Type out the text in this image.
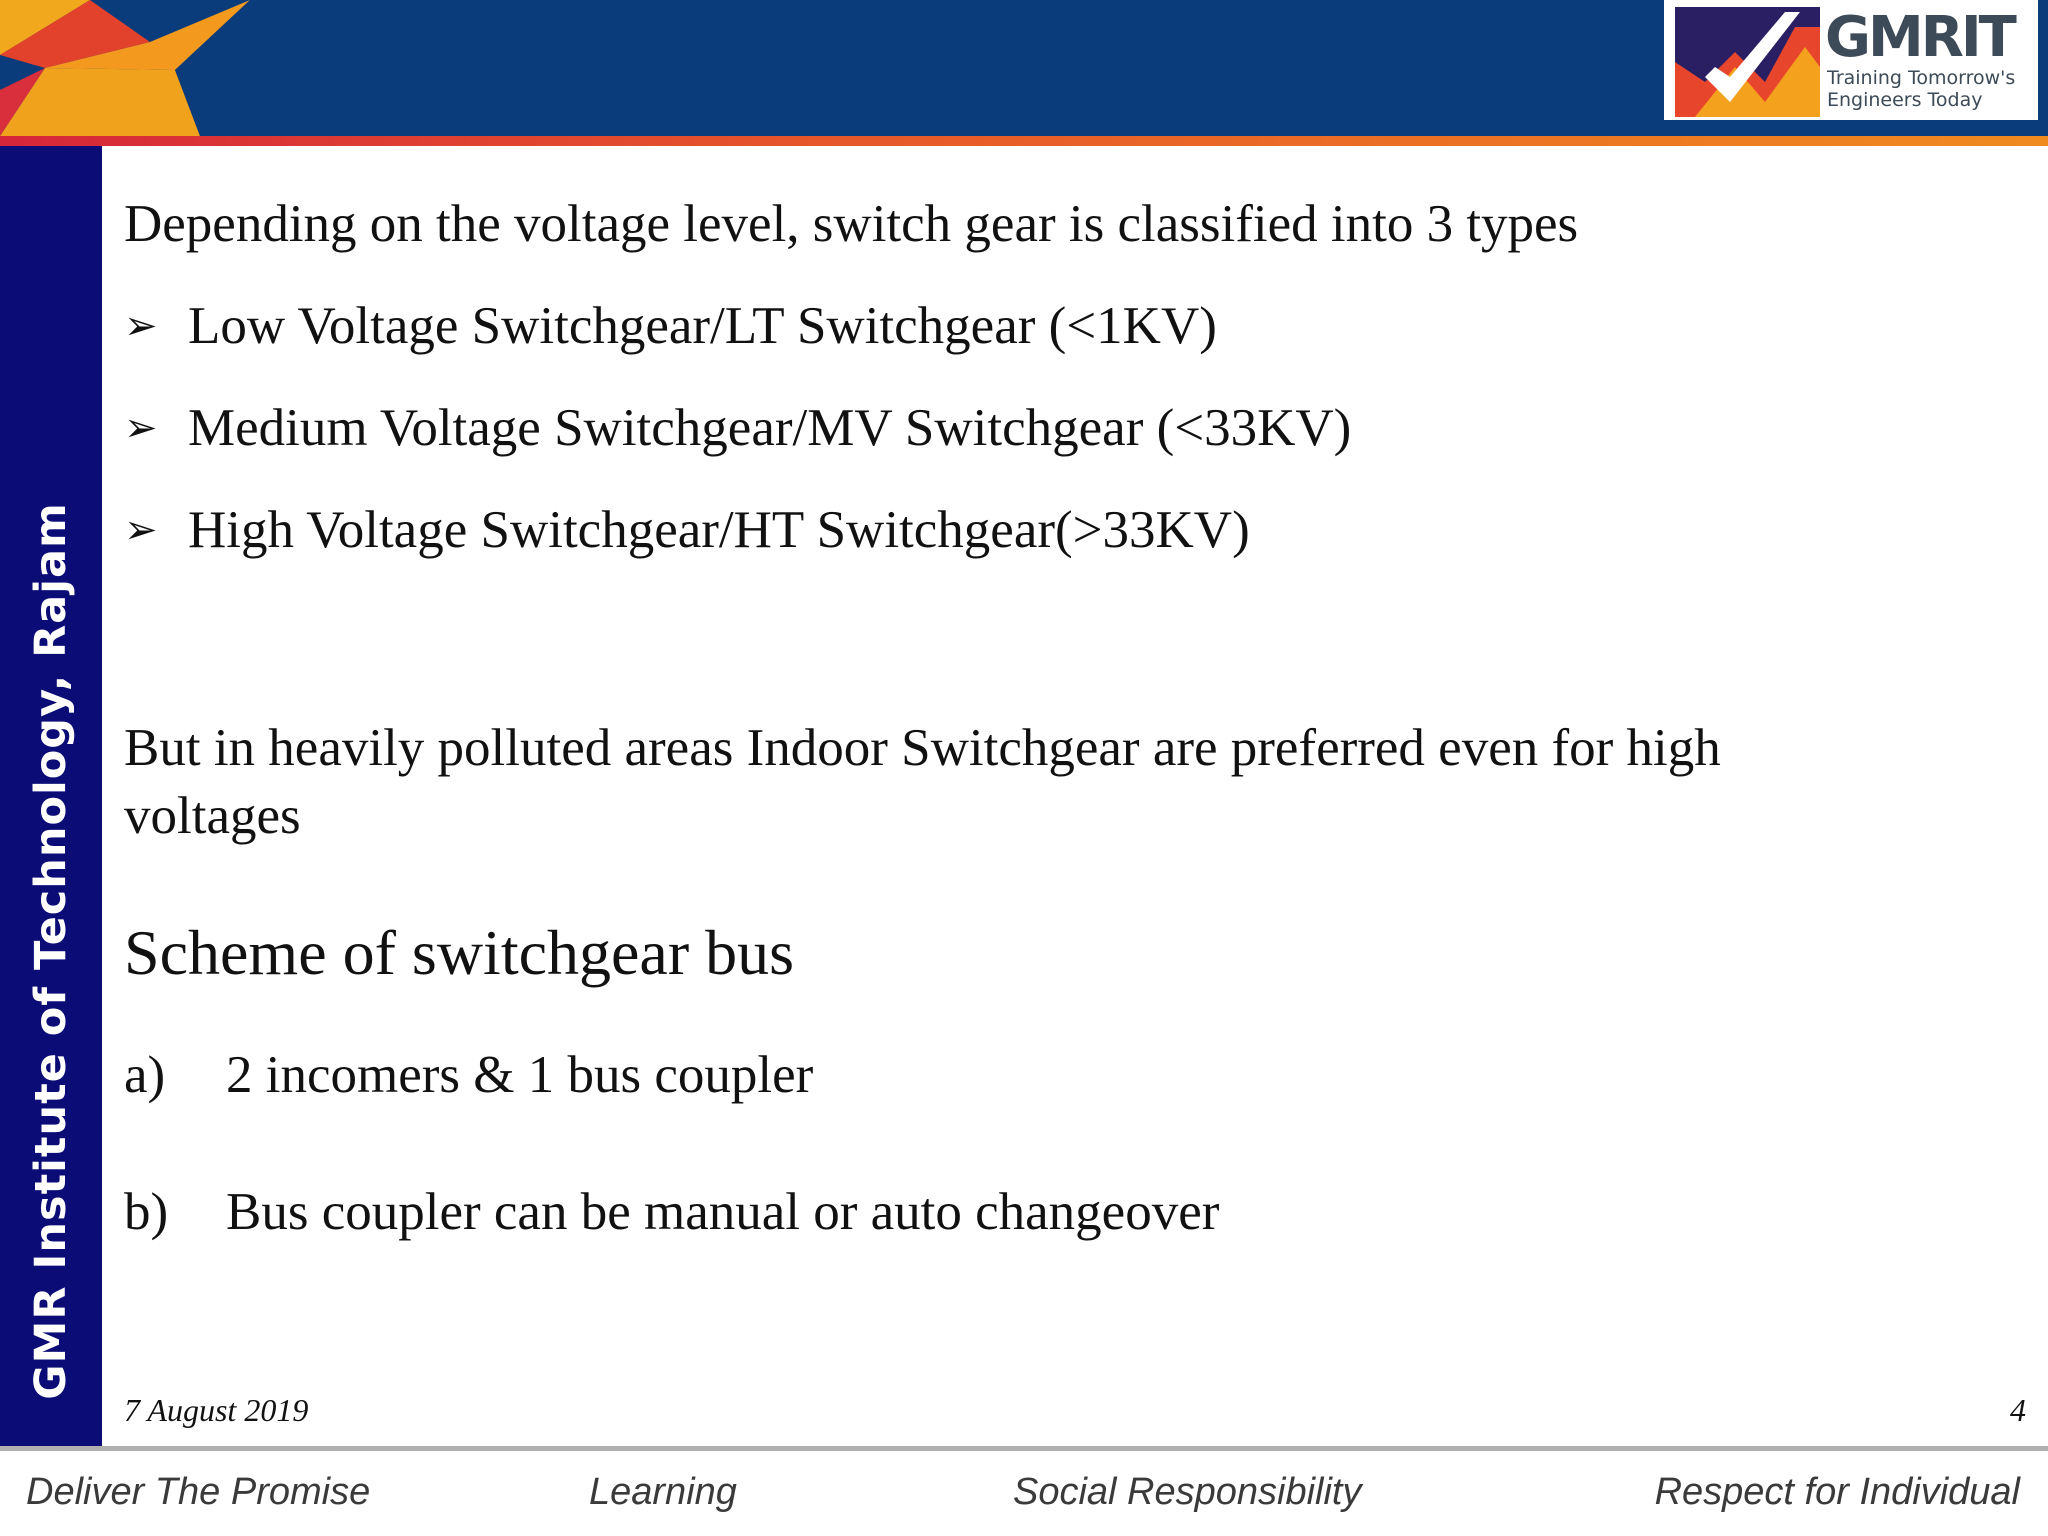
GMRIT
Training Tomorrow's
Engineers Today
GMR Institute of Technology, Rajam
Depending on the voltage level, switch gear is classified into 3 types
➢ Low Voltage Switchgear/LT Switchgear (<1KV)
➢ Medium Voltage Switchgear/MV Switchgear (<33KV)
➢ High Voltage Switchgear/HT Switchgear(>33KV)
But in heavily polluted areas Indoor Switchgear are preferred even for high
voltages
Scheme of switchgear bus
a) 2 incomers & 1 bus coupler
b) Bus coupler can be manual or auto changeover
7 August 2019	4
Deliver The Promise	Learning	Social Responsibility	Respect for Individual
